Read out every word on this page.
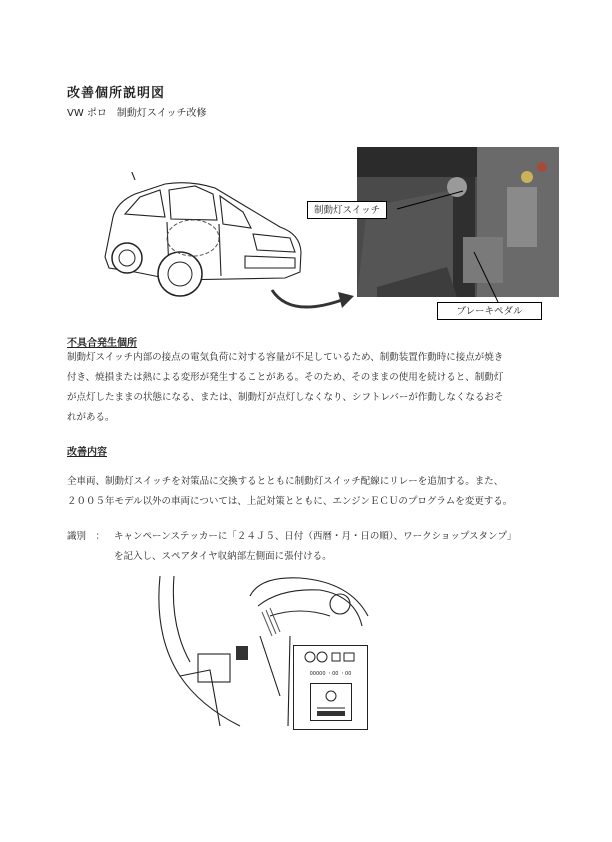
改善個所説明図
VW ポロ　制動灯スイッチ改修
制動灯スイッチ
ブレーキペダル
不具合発生個所
制動灯スイッチ内部の接点の電気負荷に対する容量が不足しているため、制動装置作動時に接点が焼き
付き、焼損または熱による変形が発生することがある。そのため、そのままの使用を続けると、制動灯
が点灯したままの状態になる、または、制動灯が点灯しなくなり、シフトレバーが作動しなくなるおそ
れがある。
改善内容
全車両、制動灯スイッチを対策品に交換するとともに制動灯スイッチ配線にリレーを追加する。また、
２００５年モデル以外の車両については、上記対策とともに、エンジンＥＣＵのプログラムを変更する。
識別　： キャンペーンステッカーに「２４Ｊ５、日付（西暦・月・日の順）、ワークショップスタンプ」
を記入し、スペアタイヤ収納部左側面に張付ける。
00000 ・00 ・00
